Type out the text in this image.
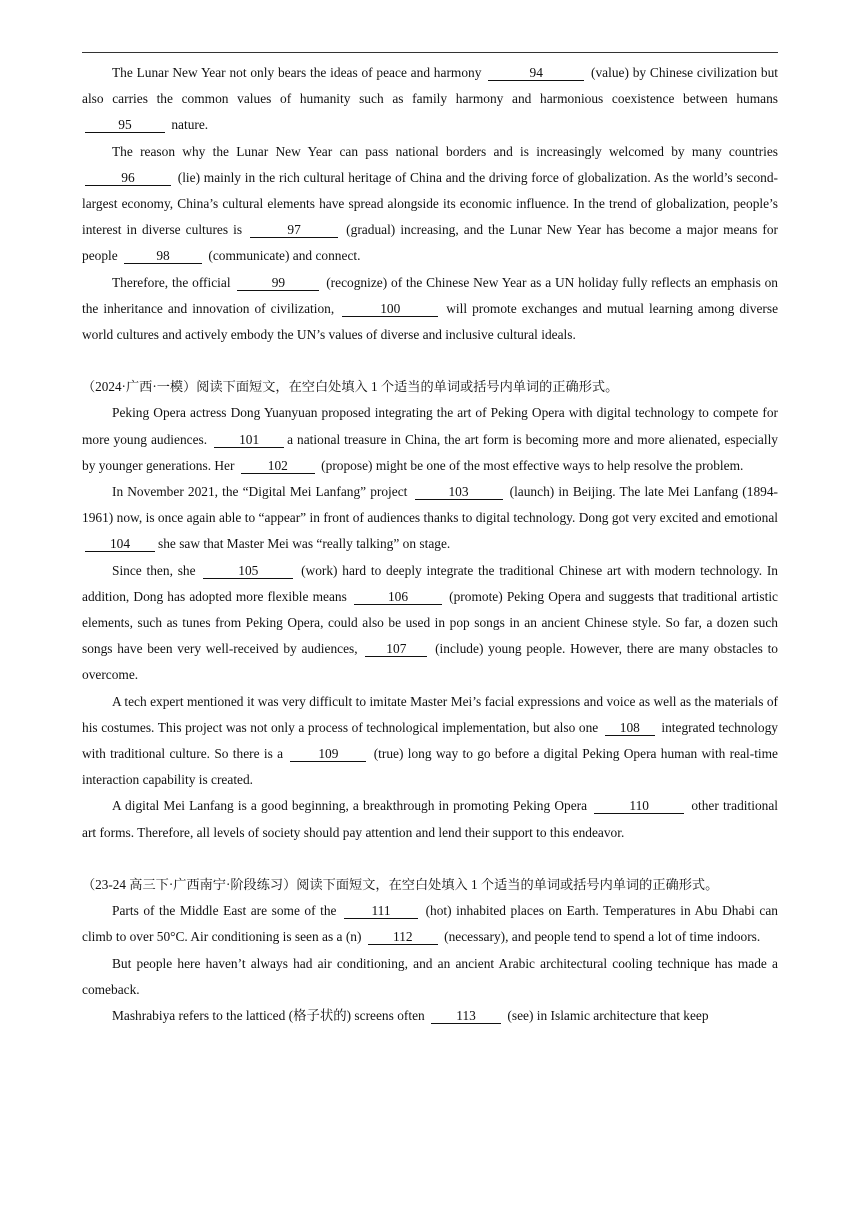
The Lunar New Year not only bears the ideas of peace and harmony	94	(value) by Chinese civilization but also carries the common values of humanity such as family harmony and harmonious coexistence between humans 95	nature.

The reason why the Lunar New Year can pass national borders and is increasingly welcomed by many countries 96	(lie) mainly in the rich cultural heritage of China and the driving force of globalization. As the world’s second-largest economy, China’s cultural elements have spread alongside its economic influence. In the trend of globalization, people’s interest in diverse cultures is	97	(gradual) increasing, and the Lunar New Year has become a major means for people	98	(communicate) and connect.

Therefore, the official	99	(recognize) of the Chinese New Year as a UN holiday fully reflects an emphasis on the inheritance and innovation of civilization,	100	will promote exchanges and mutual learning among diverse world cultures and actively embody the UN’s values of diverse and inclusive cultural ideals.

（2024·广西·一模）阅读下面短文，在空白处填入 1 个适当的单词或括号内单词的正确形式。

Peking Opera actress Dong Yuanyuan proposed integrating the art of Peking Opera with digital technology to compete for more young audiences. 101 a national treasure in China, the art form is becoming more and more alienated, especially by younger generations. Her 102 (propose) might be one of the most effective ways to help resolve the problem.

In November 2021, the “Digital Mei Lanfang” project	103	(launch) in Beijing. The late Mei Lanfang (1894-1961) now, is once again able to “appear” in front of audiences thanks to digital technology. Dong got very excited and emotional 104 she saw that Master Mei was “really talking” on stage.

Since then, she	105	(work) hard to deeply integrate the traditional Chinese art with modern technology. In addition, Dong has adopted more flexible means	106	(promote) Peking Opera and suggests that traditional artistic elements, such as tunes from Peking Opera, could also be used in pop songs in an ancient Chinese style. So far, a dozen such songs have been very well-received by audiences, 107 (include) young people. However, there are many obstacles to overcome.

A tech expert mentioned it was very difficult to imitate Master Mei’s facial expressions and voice as well as the materials of his costumes. This project was not only a process of technological implementation, but also one 108 integrated technology with traditional culture. So there is a 109 (true) long way to go before a digital Peking Opera human with real-time interaction capability is created.

A digital Mei Lanfang is a good beginning, a breakthrough in promoting Peking Opera	110	other traditional art forms. Therefore, all levels of society should pay attention and lend their support to this endeavor.

（23-24 高三下·广西南宁·阶段练习）阅读下面短文，在空白处填入 1 个适当的单词或括号内单词的正确形式。

Parts of the Middle East are some of the 111 (hot) inhabited places on Earth. Temperatures in Abu Dhabi can climb to over 50°C. Air conditioning is seen as a (n) 112 (necessary), and people tend to spend a lot of time indoors.

But people here haven’t always had air conditioning, and an ancient Arabic architectural cooling technique has made a comeback.

Mashrabiya refers to the latticed (格子状的) screens often 113 (see) in Islamic architecture that keep
